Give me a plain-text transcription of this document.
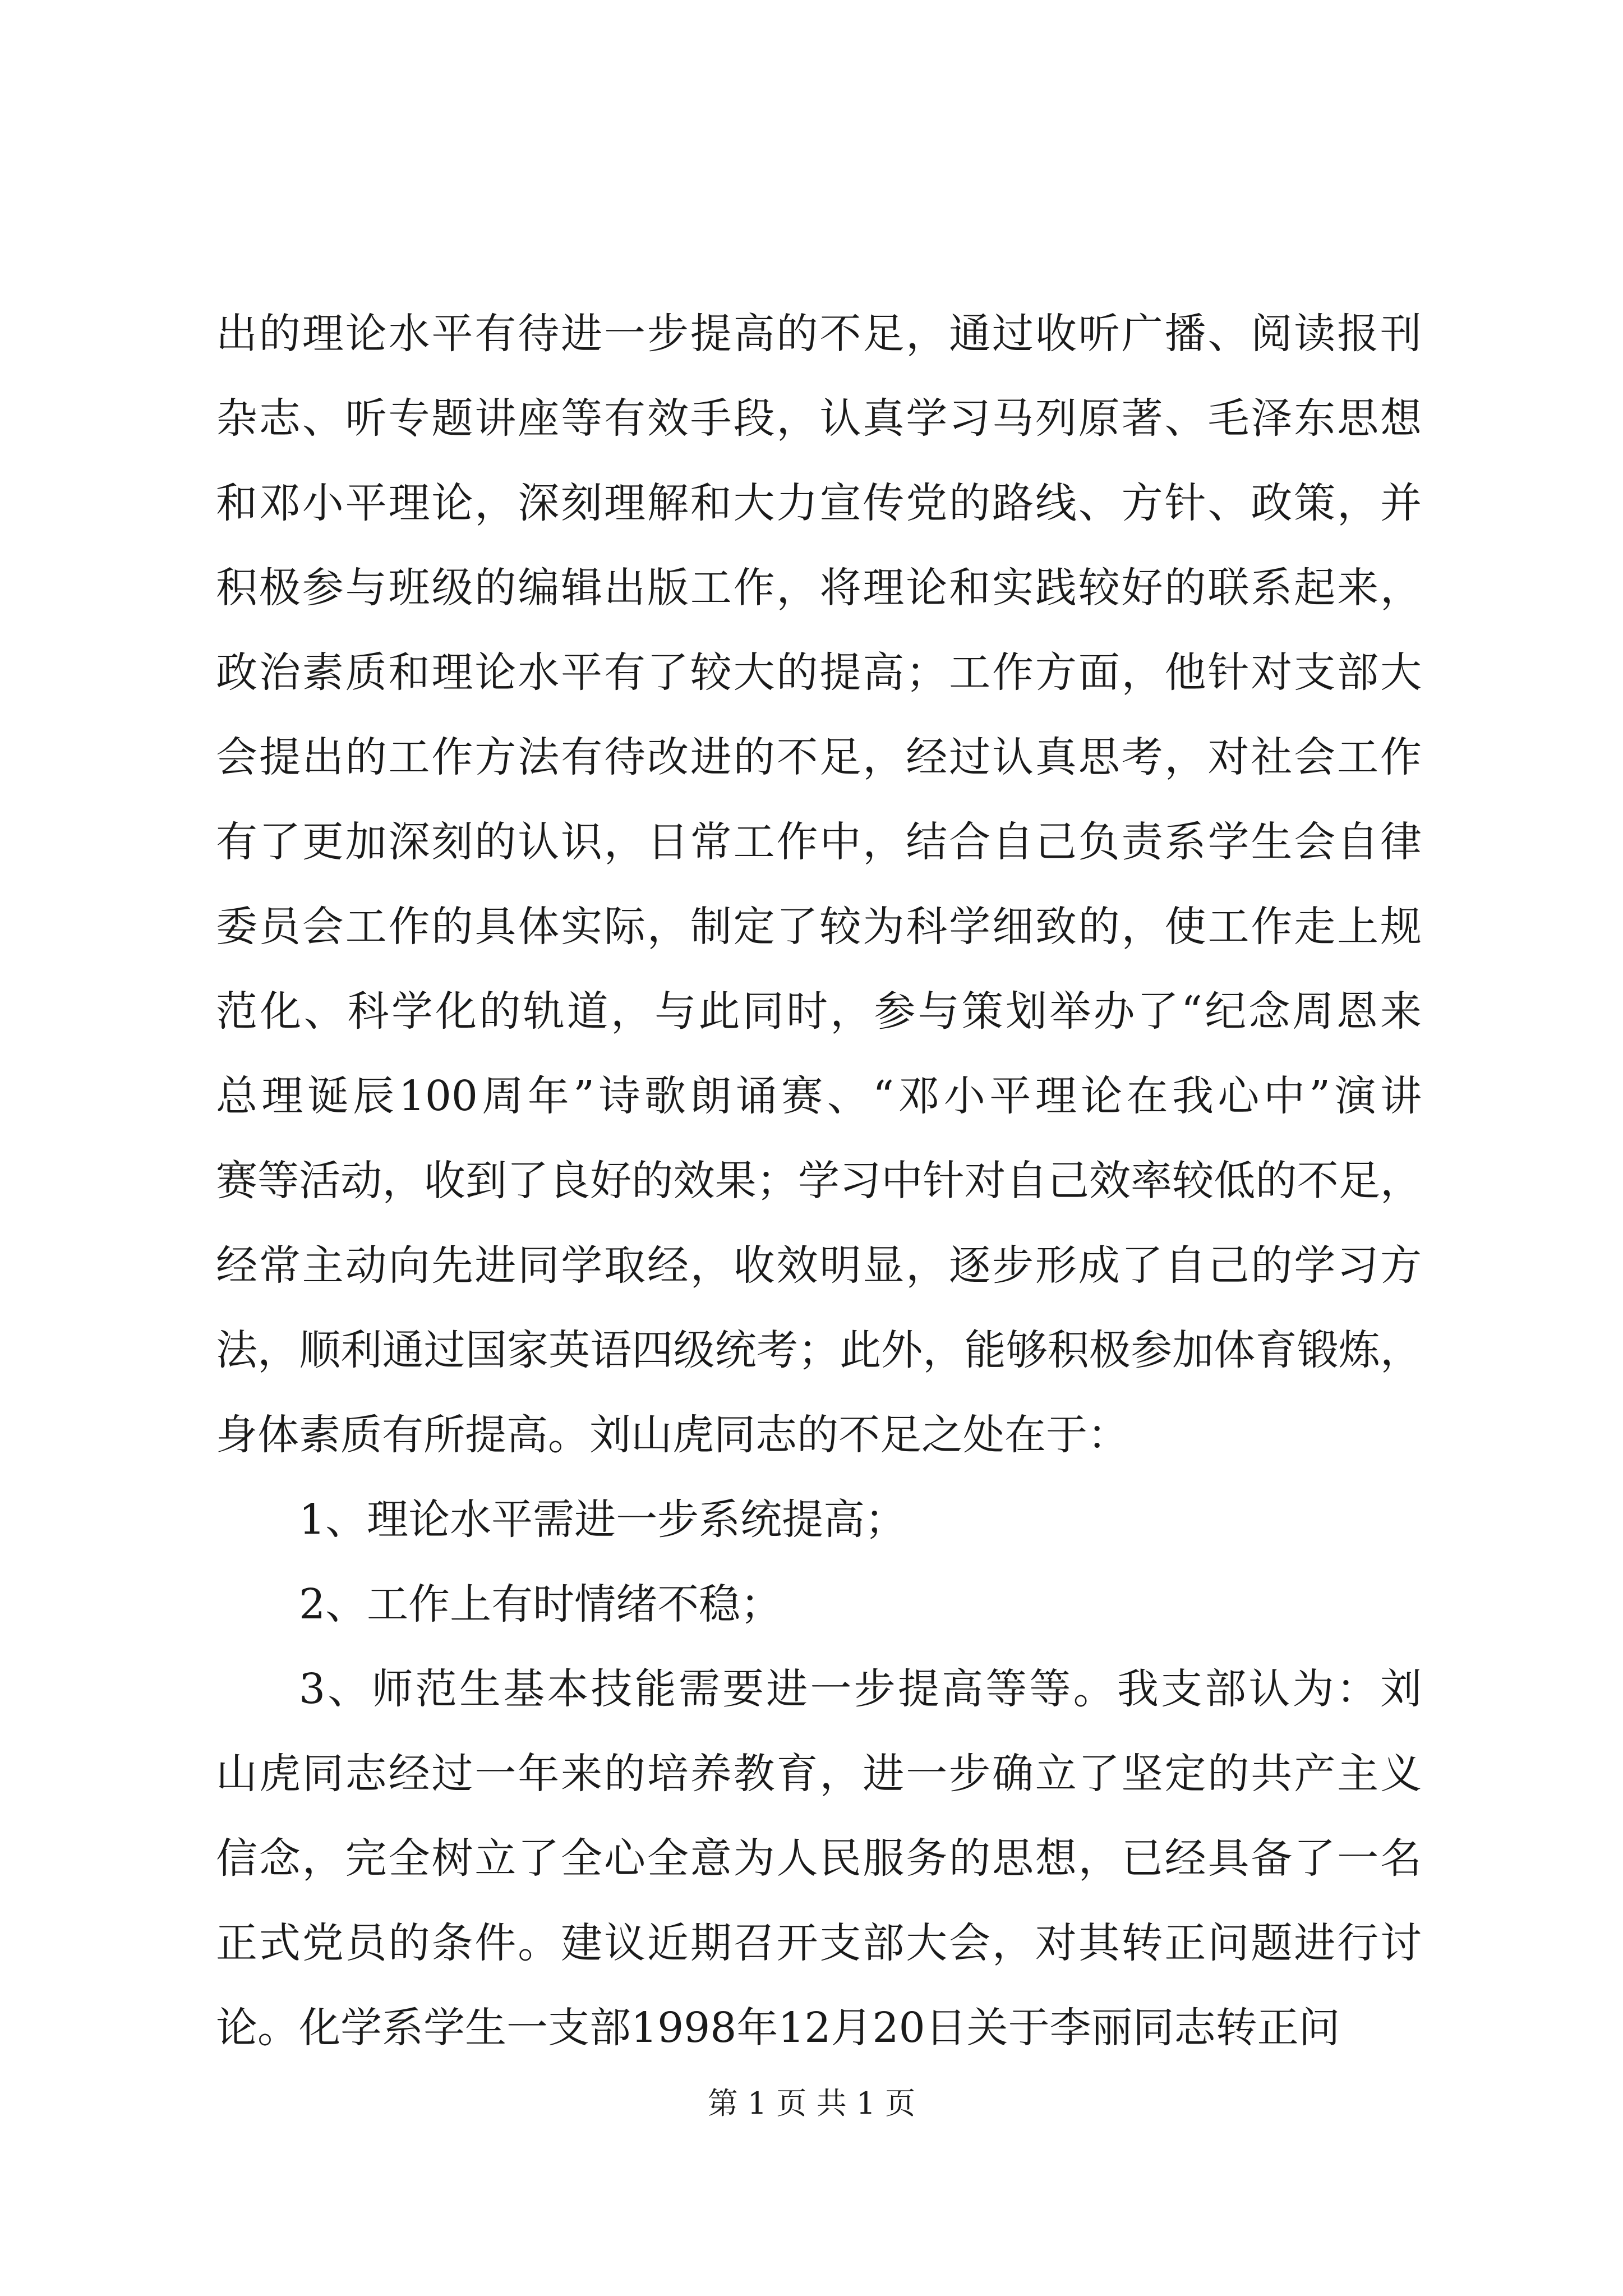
出的理论水平有待进一步提高的不足，通过收听广播、阅读报刊
杂志、听专题讲座等有效手段，认真学习马列原著、毛泽东思想
和邓小平理论，深刻理解和大力宣传党的路线、方针、政策，并
积极参与班级的编辑出版工作，将理论和实践较好的联系起来，
政治素质和理论水平有了较大的提高；工作方面，他针对支部大
会提出的工作方法有待改进的不足，经过认真思考，对社会工作
有了更加深刻的认识，日常工作中，结合自己负责系学生会自律
委员会工作的具体实际，制定了较为科学细致的，使工作走上规
范化、科学化的轨道，与此同时，参与策划举办了“纪念周恩来
总理诞辰100周年”诗歌朗诵赛、“邓小平理论在我心中”演讲
赛等活动，收到了良好的效果；学习中针对自己效率较低的不足，
经常主动向先进同学取经，收效明显，逐步形成了自己的学习方
法，顺利通过国家英语四级统考；此外，能够积极参加体育锻炼，
身体素质有所提高。刘山虎同志的不足之处在于：
1、理论水平需进一步系统提高；
2、工作上有时情绪不稳；
3、师范生基本技能需要进一步提高等等。我支部认为：刘
山虎同志经过一年来的培养教育，进一步确立了坚定的共产主义
信念，完全树立了全心全意为人民服务的思想，已经具备了一名
正式党员的条件。建议近期召开支部大会，对其转正问题进行讨
论。化学系学生一支部1998年12月20日关于李丽同志转正问
第 1 页 共 1 页
